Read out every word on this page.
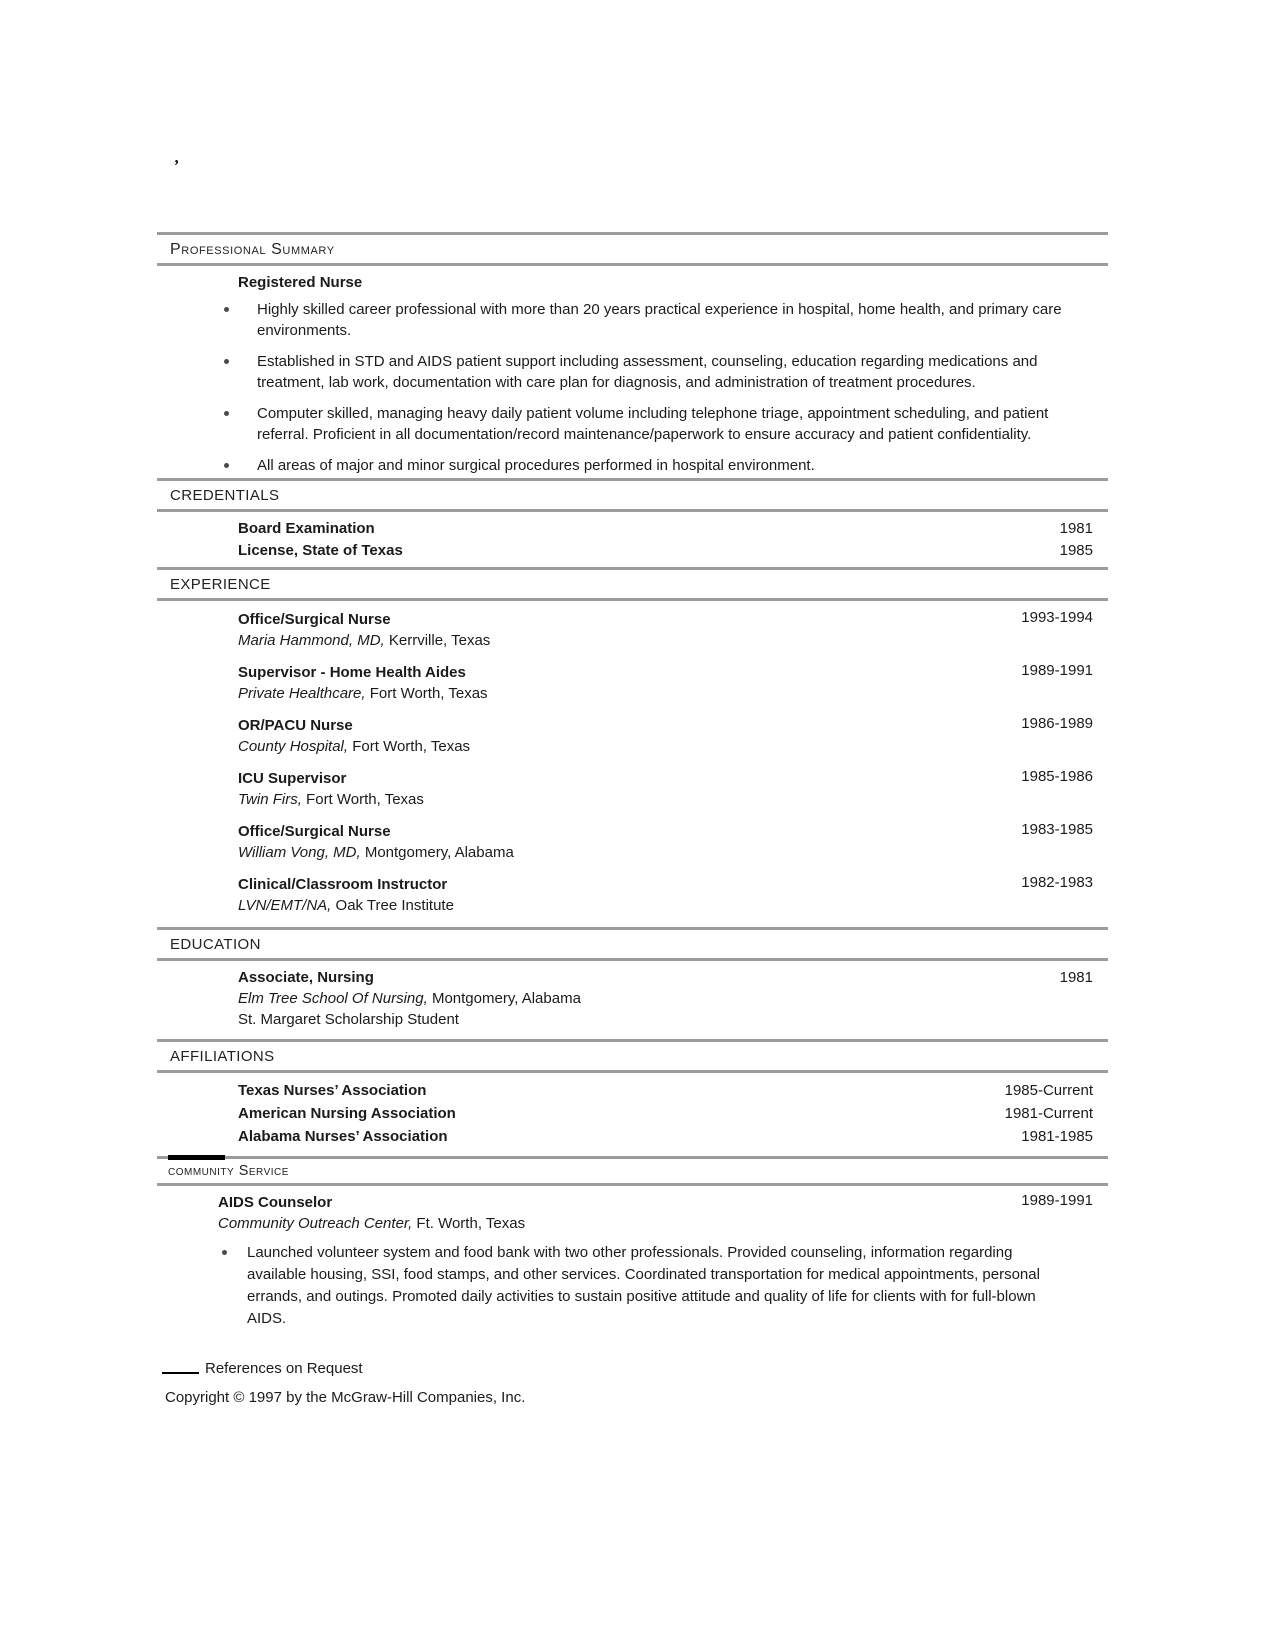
’
Professional Summary
Registered Nurse
Highly skilled career professional with more than 20 years practical experience in hospital, home health, and primary care environments.
Established in STD and AIDS patient support including assessment, counseling, education regarding medications and treatment, lab work, documentation with care plan for diagnosis, and administration of treatment procedures.
Computer skilled, managing heavy daily patient volume including telephone triage, appointment scheduling, and patient referral. Proficient in all documentation/record maintenance/paperwork to ensure accuracy and patient confidentiality.
All areas of major and minor surgical procedures performed in hospital environment.
CREDENTIALS
Board Examination	1981
License, State of Texas	1985
EXPERIENCE
Office/Surgical Nurse	1993-1994
Maria Hammond, MD, Kerrville, Texas
Supervisor - Home Health Aides	1989-1991
Private Healthcare, Fort Worth, Texas
OR/PACU Nurse	1986-1989
County Hospital, Fort Worth, Texas
ICU Supervisor	1985-1986
Twin Firs, Fort Worth, Texas
Office/Surgical Nurse	1983-1985
William Vong, MD, Montgomery, Alabama
Clinical/Classroom Instructor	1982-1983
LVN/EMT/NA, Oak Tree Institute
EDUCATION
Associate, Nursing	1981
Elm Tree School Of Nursing, Montgomery, Alabama
St. Margaret Scholarship Student
AFFILIATIONS
Texas Nurses’ Association	1985-Current
American Nursing Association	1981-Current
Alabama Nurses’ Association	1981-1985
community Service
AIDS Counselor	1989-1991
Community Outreach Center, Ft. Worth, Texas
Launched volunteer system and food bank with two other professionals. Provided counseling, information regarding available housing, SSI, food stamps, and other services. Coordinated transportation for medical appointments, personal errands, and outings. Promoted daily activities to sustain positive attitude and quality of life for clients with for full-blown AIDS.
References on Request
Copyright © 1997 by the McGraw-Hill Companies, Inc.
